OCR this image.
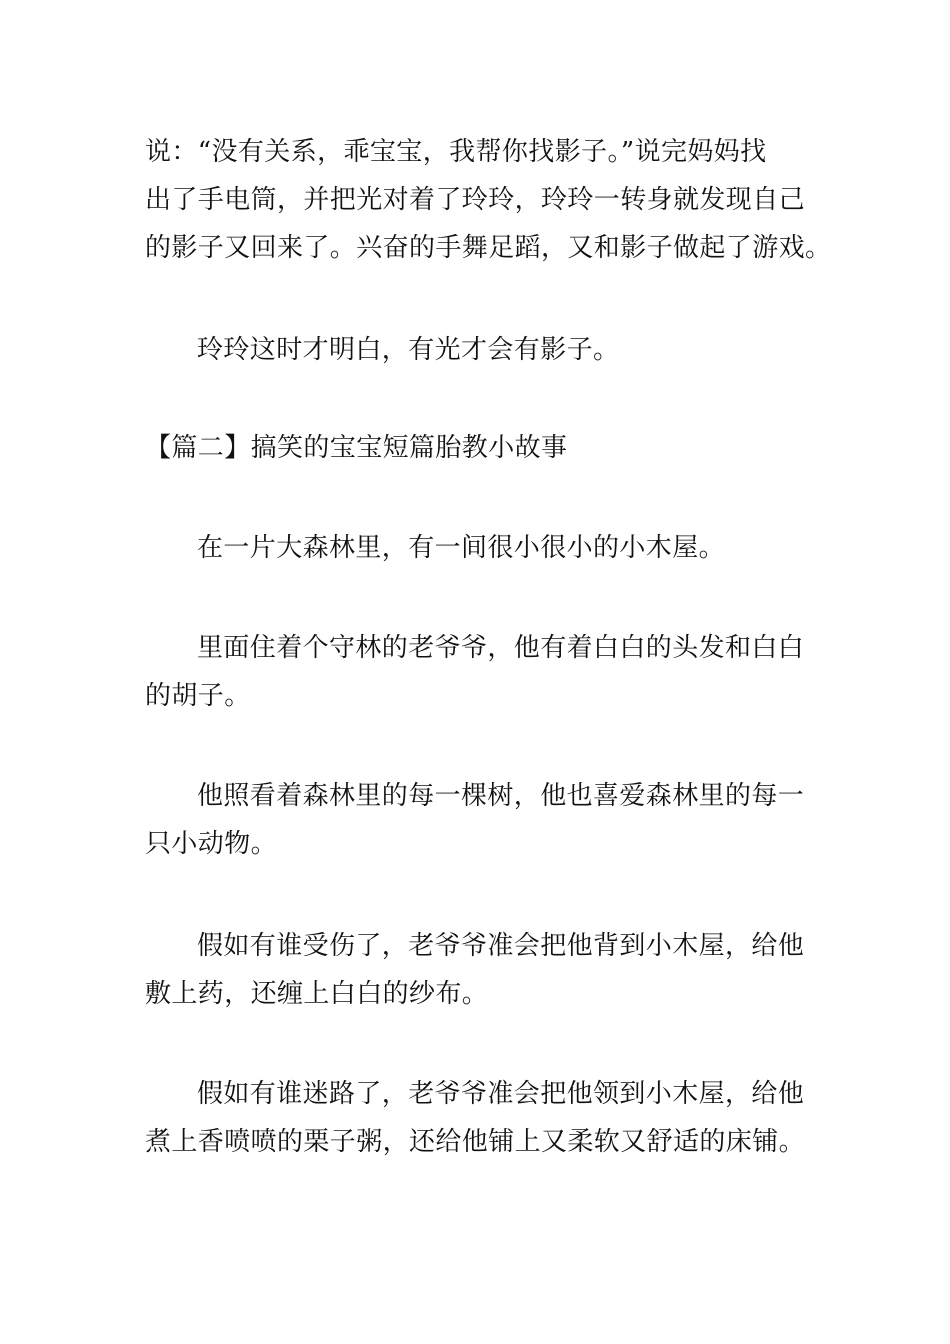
说：“没有关系，乖宝宝，我帮你找影子。”说完妈妈找
出了手电筒，并把光对着了玲玲，玲玲一转身就发现自己
的影子又回来了。兴奋的手舞足蹈，又和影子做起了游戏。
玲玲这时才明白，有光才会有影子。
【篇二】搞笑的宝宝短篇胎教小故事
在一片大森林里，有一间很小很小的小木屋。
里面住着个守林的老爷爷，他有着白白的头发和白白
的胡子。
他照看着森林里的每一棵树，他也喜爱森林里的每一
只小动物。
假如有谁受伤了，老爷爷准会把他背到小木屋，给他
敷上药，还缠上白白的纱布。
假如有谁迷路了，老爷爷准会把他领到小木屋，给他
煮上香喷喷的栗子粥，还给他铺上又柔软又舒适的床铺。
